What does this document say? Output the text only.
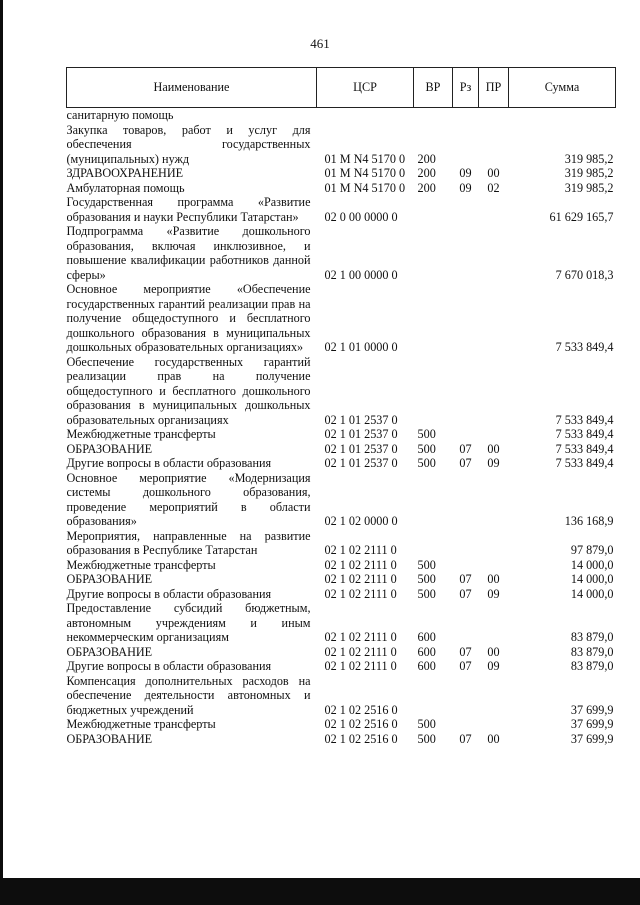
461
Наименование	ЦСР	ВР	Рз	ПР	Сумма
санитарную помощь					
Закупка товаров, работ и услуг для обеспечения государственных (муниципальных) нужд	01 М N4 5170 0	200			319 985,2
ЗДРАВООХРАНЕНИЕ	01 М N4 5170 0	200	09	00	319 985,2
Амбулаторная помощь	01 М N4 5170 0	200	09	02	319 985,2
Государственная программа «Развитие образования и науки Республики Татарстан»	02 0 00 0000 0				61 629 165,7
Подпрограмма «Развитие дошкольного образования, включая инклюзивное, и повышение квалификации работников данной сферы»	02 1 00 0000 0				7 670 018,3
Основное мероприятие «Обеспечение государственных гарантий реализации прав на получение общедоступного и бесплатного дошкольного образования в муниципальных дошкольных образовательных организациях»	02 1 01 0000 0				7 533 849,4
Обеспечение государственных гарантий реализации прав на получение общедоступного и бесплатного дошкольного образования в муниципальных дошкольных образовательных организациях	02 1 01 2537 0				7 533 849,4
Межбюджетные трансферты	02 1 01 2537 0	500			7 533 849,4
ОБРАЗОВАНИЕ	02 1 01 2537 0	500	07	00	7 533 849,4
Другие вопросы в области образования	02 1 01 2537 0	500	07	09	7 533 849,4
Основное мероприятие «Модернизация системы дошкольного образования, проведение мероприятий в области образования»	02 1 02 0000 0				136 168,9
Мероприятия, направленные на развитие образования в Республике Татарстан	02 1 02 2111 0				97 879,0
Межбюджетные трансферты	02 1 02 2111 0	500			14 000,0
ОБРАЗОВАНИЕ	02 1 02 2111 0	500	07	00	14 000,0
Другие вопросы в области образования	02 1 02 2111 0	500	07	09	14 000,0
Предоставление субсидий бюджетным, автономным учреждениям и иным некоммерческим организациям	02 1 02 2111 0	600			83 879,0
ОБРАЗОВАНИЕ	02 1 02 2111 0	600	07	00	83 879,0
Другие вопросы в области образования	02 1 02 2111 0	600	07	09	83 879,0
Компенсация дополнительных расходов на обеспечение деятельности автономных и бюджетных учреждений	02 1 02 2516 0				37 699,9
Межбюджетные трансферты	02 1 02 2516 0	500			37 699,9
ОБРАЗОВАНИЕ	02 1 02 2516 0	500	07	00	37 699,9
